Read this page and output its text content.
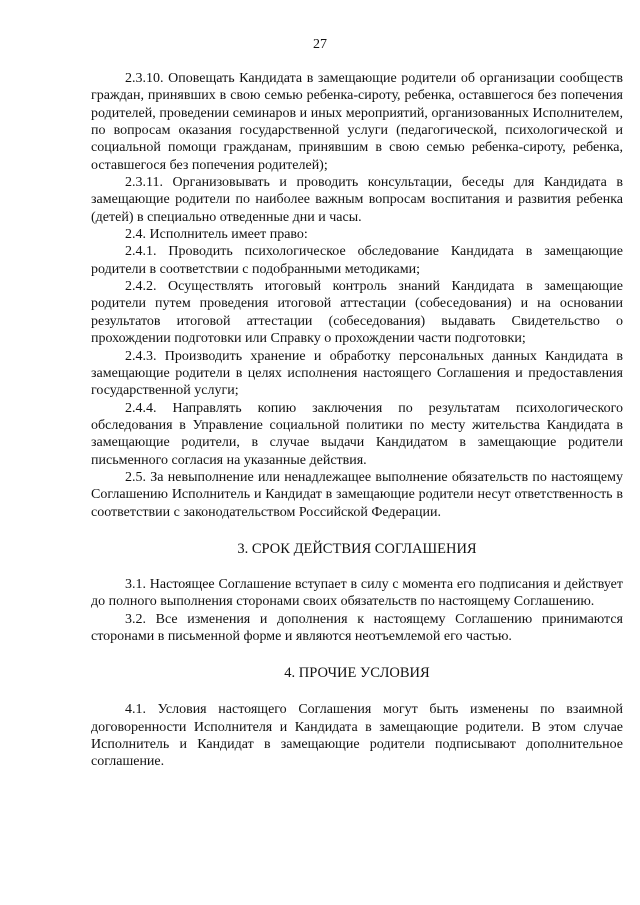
27

2.3.10. Оповещать Кандидата в замещающие родители об организации сообществ граждан, принявших в свою семью ребенка-сироту, ребенка, оставшегося без попечения родителей, проведении семинаров и иных мероприятий, организованных Исполнителем, по вопросам оказания государственной услуги (педагогической, психологической и социальной помощи гражданам, принявшим в свою семью ребенка-сироту, ребенка, оставшегося без попечения родителей);

2.3.11. Организовывать и проводить консультации, беседы для Кандидата в замещающие родители по наиболее важным вопросам воспитания и развития ребенка (детей) в специально отведенные дни и часы.

2.4. Исполнитель имеет право:

2.4.1. Проводить психологическое обследование Кандидата в замещающие родители в соответствии с подобранными методиками;

2.4.2. Осуществлять итоговый контроль знаний Кандидата в замещающие родители путем проведения итоговой аттестации (собеседования) и на основании результатов итоговой аттестации (собеседования) выдавать Свидетельство о прохождении подготовки или Справку о прохождении части подготовки;

2.4.3. Производить хранение и обработку персональных данных Кандидата в замещающие родители в целях исполнения настоящего Соглашения и предоставления государственной услуги;

2.4.4. Направлять копию заключения по результатам психологического обследования в Управление социальной политики по месту жительства Кандидата в замещающие родители, в случае выдачи Кандидатом в замещающие родители письменного согласия на указанные действия.

2.5. За невыполнение или ненадлежащее выполнение обязательств по настоящему Соглашению Исполнитель и Кандидат в замещающие родители несут ответственность в соответствии с законодательством Российской Федерации.

3. СРОК ДЕЙСТВИЯ СОГЛАШЕНИЯ

3.1. Настоящее Соглашение вступает в силу с момента его подписания и действует до полного выполнения сторонами своих обязательств по настоящему Соглашению.

3.2. Все изменения и дополнения к настоящему Соглашению принимаются сторонами в письменной форме и являются неотъемлемой его частью.

4. ПРОЧИЕ УСЛОВИЯ

4.1. Условия настоящего Соглашения могут быть изменены по взаимной договоренности Исполнителя и Кандидата в замещающие родители. В этом случае Исполнитель и Кандидат в замещающие родители подписывают дополнительное соглашение.
